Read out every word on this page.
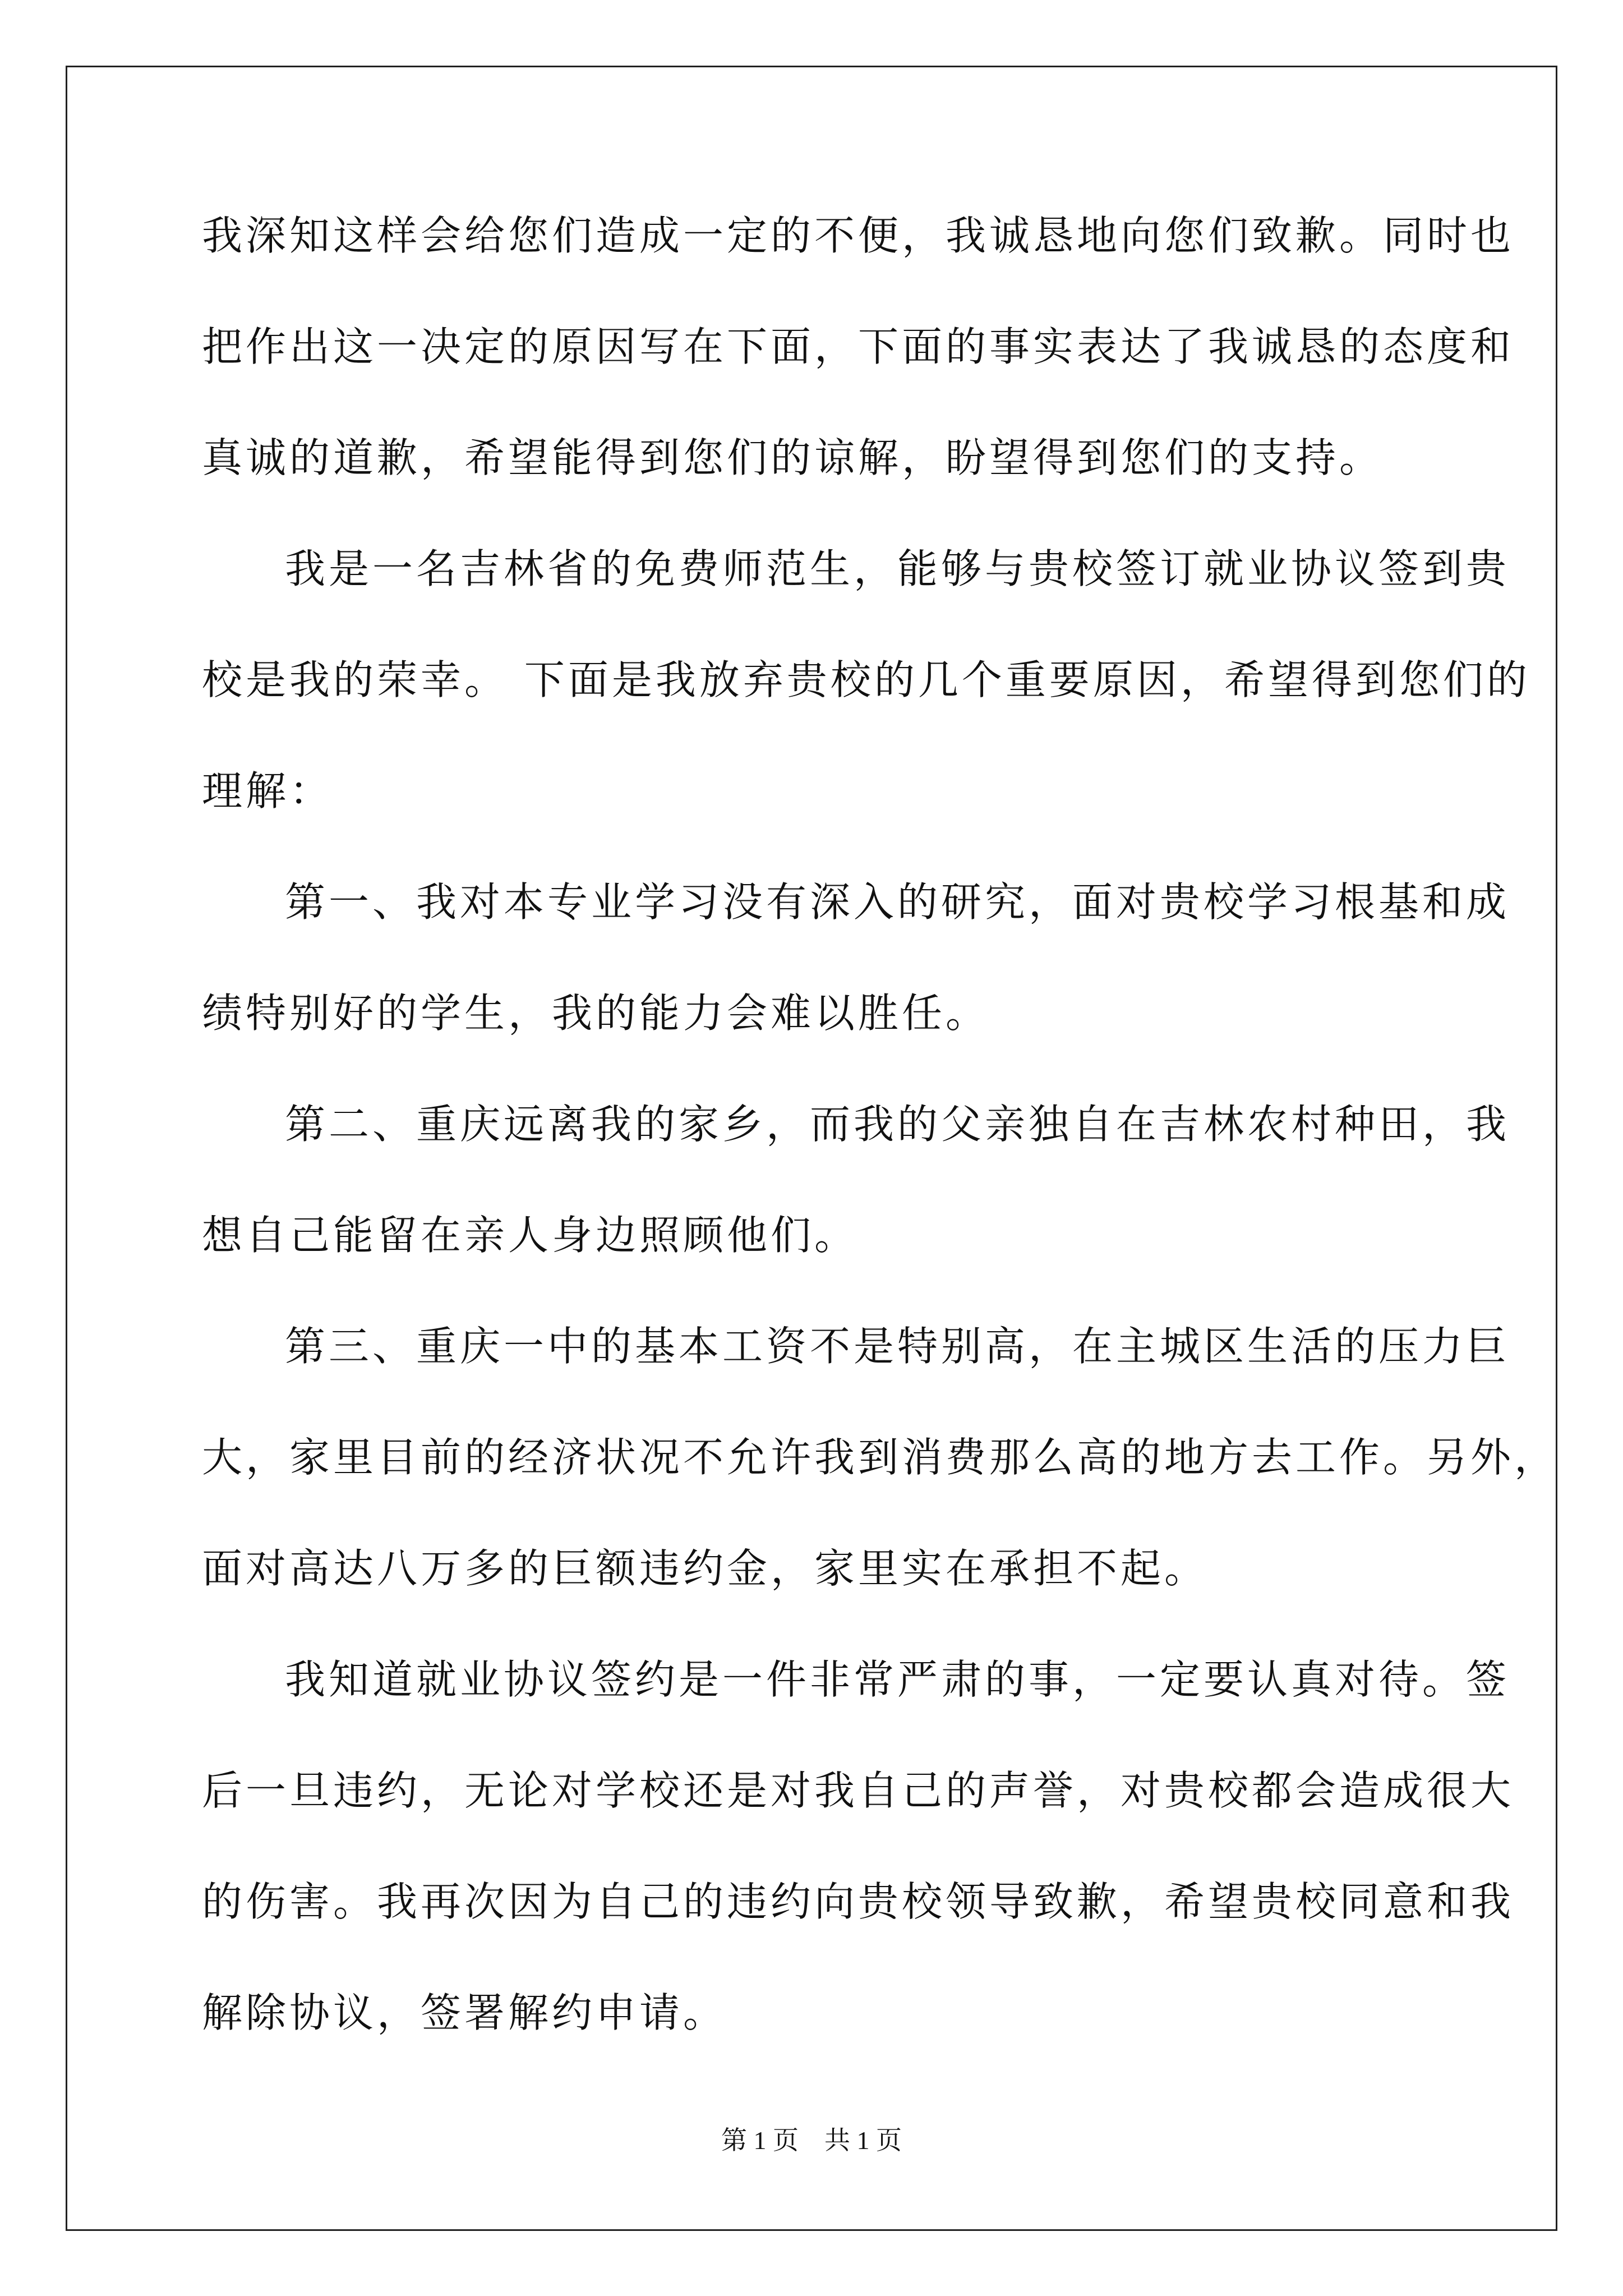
我深知这样会给您们造成一定的不便，我诚恳地向您们致歉。同时也
把作出这一决定的原因写在下面，下面的事实表达了我诚恳的态度和
真诚的道歉，希望能得到您们的谅解，盼望得到您们的支持。
我是一名吉林省的免费师范生，能够与贵校签订就业协议签到贵
校是我的荣幸。 下面是我放弃贵校的几个重要原因，希望得到您们的
理解：
第一、我对本专业学习没有深入的研究，面对贵校学习根基和成
绩特别好的学生，我的能力会难以胜任。
第二、重庆远离我的家乡，而我的父亲独自在吉林农村种田，我
想自己能留在亲人身边照顾他们。
第三、重庆一中的基本工资不是特别高，在主城区生活的压力巨
大，家里目前的经济状况不允许我到消费那么高的地方去工作。另外，
面对高达八万多的巨额违约金，家里实在承担不起。
我知道就业协议签约是一件非常严肃的事，一定要认真对待。签
后一旦违约，无论对学校还是对我自己的声誉，对贵校都会造成很大
的伤害。我再次因为自己的违约向贵校领导致歉，希望贵校同意和我
解除协议，签署解约申请。
第 1 页　共 1 页
